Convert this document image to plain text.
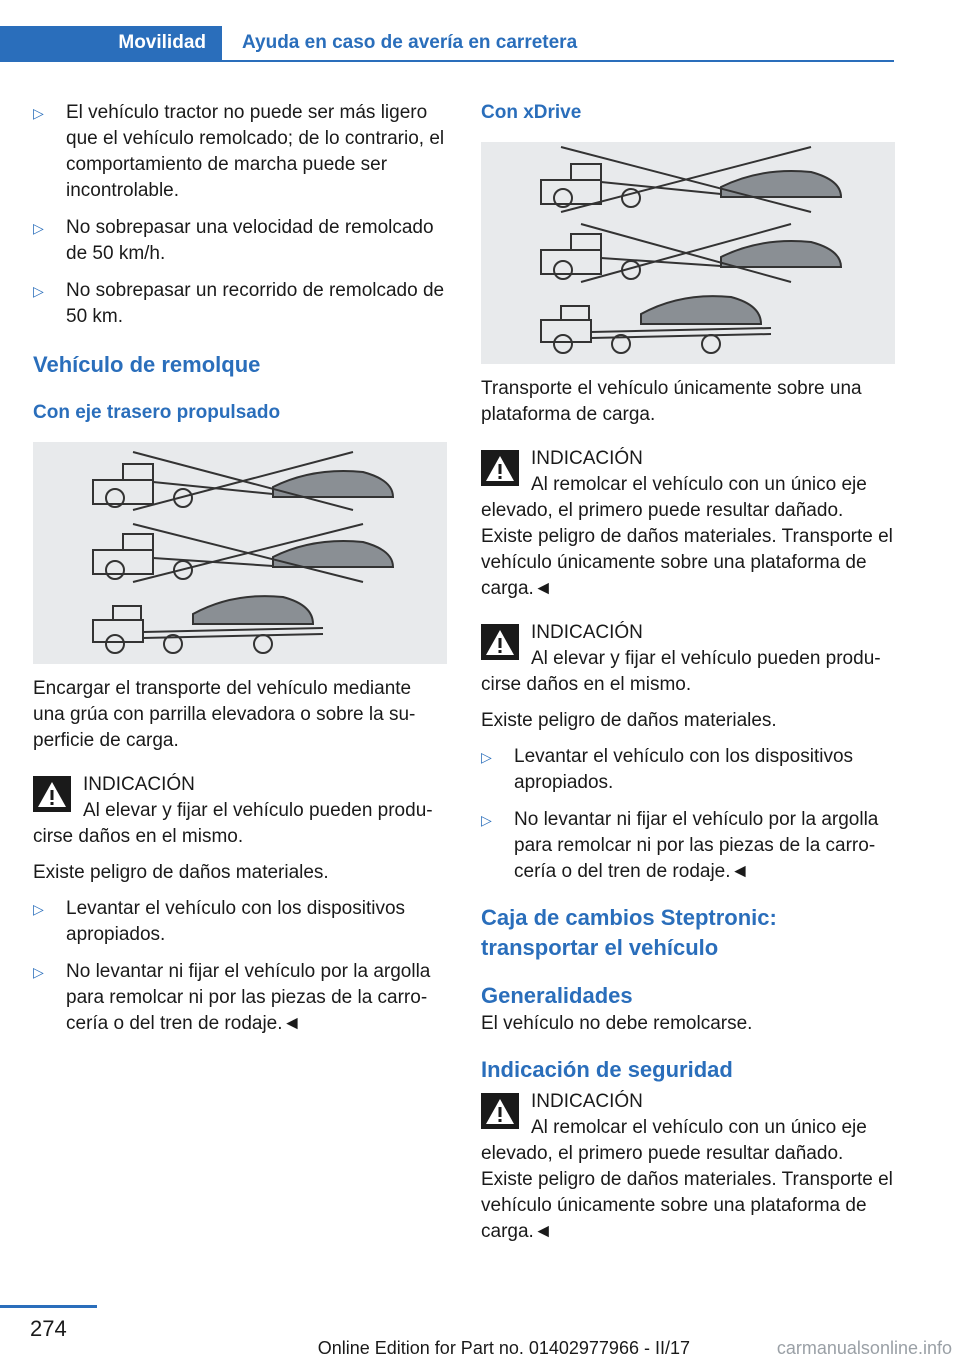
Movilidad Ayuda en caso de avería en carretera
▷ El vehículo tractor no puede ser más ligero que el vehículo remolcado; de lo contrario, el comportamiento de marcha puede ser incontrolable.
▷ No sobrepasar una velocidad de remolcado de 50 km/h.
▷ No sobrepasar un recorrido de remolcado de 50 km.
Vehículo de remolque
Con eje trasero propulsado

Encargar el transporte del vehículo mediante una grúa con parrilla elevadora o sobre la superficie de carga.

INDICACIÓN

Al elevar y fijar el vehículo pueden producirse daños en el mismo.

Existe peligro de daños materiales.

▷ Levantar el vehículo con los dispositivos apropiados.
▷ No levantar ni fijar el vehículo por la argolla para remolcar ni por las piezas de la carrocería o del tren de rodaje.◄
Con xDrive

Transporte el vehículo únicamente sobre una plataforma de carga.

INDICACIÓN

Al remolcar el vehículo con un único eje elevado, el primero puede resultar dañado. Existe peligro de daños materiales. Transporte el vehículo únicamente sobre una plataforma de carga.◄

INDICACIÓN

Al elevar y fijar el vehículo pueden producirse daños en el mismo.

Existe peligro de daños materiales.

▷ Levantar el vehículo con los dispositivos apropiados.
▷ No levantar ni fijar el vehículo por la argolla para remolcar ni por las piezas de la carrocería o del tren de rodaje.◄
Caja de cambios Steptronic: transportar el vehículo
Generalidades

El vehículo no debe remolcarse.

Indicación de seguridad

INDICACIÓN

Al remolcar el vehículo con un único eje elevado, el primero puede resultar dañado. Existe peligro de daños materiales. Transporte el vehículo únicamente sobre una plataforma de carga.◄

274
Online Edition for Part no. 01402977966 - II/17	carmanualsonline.info
